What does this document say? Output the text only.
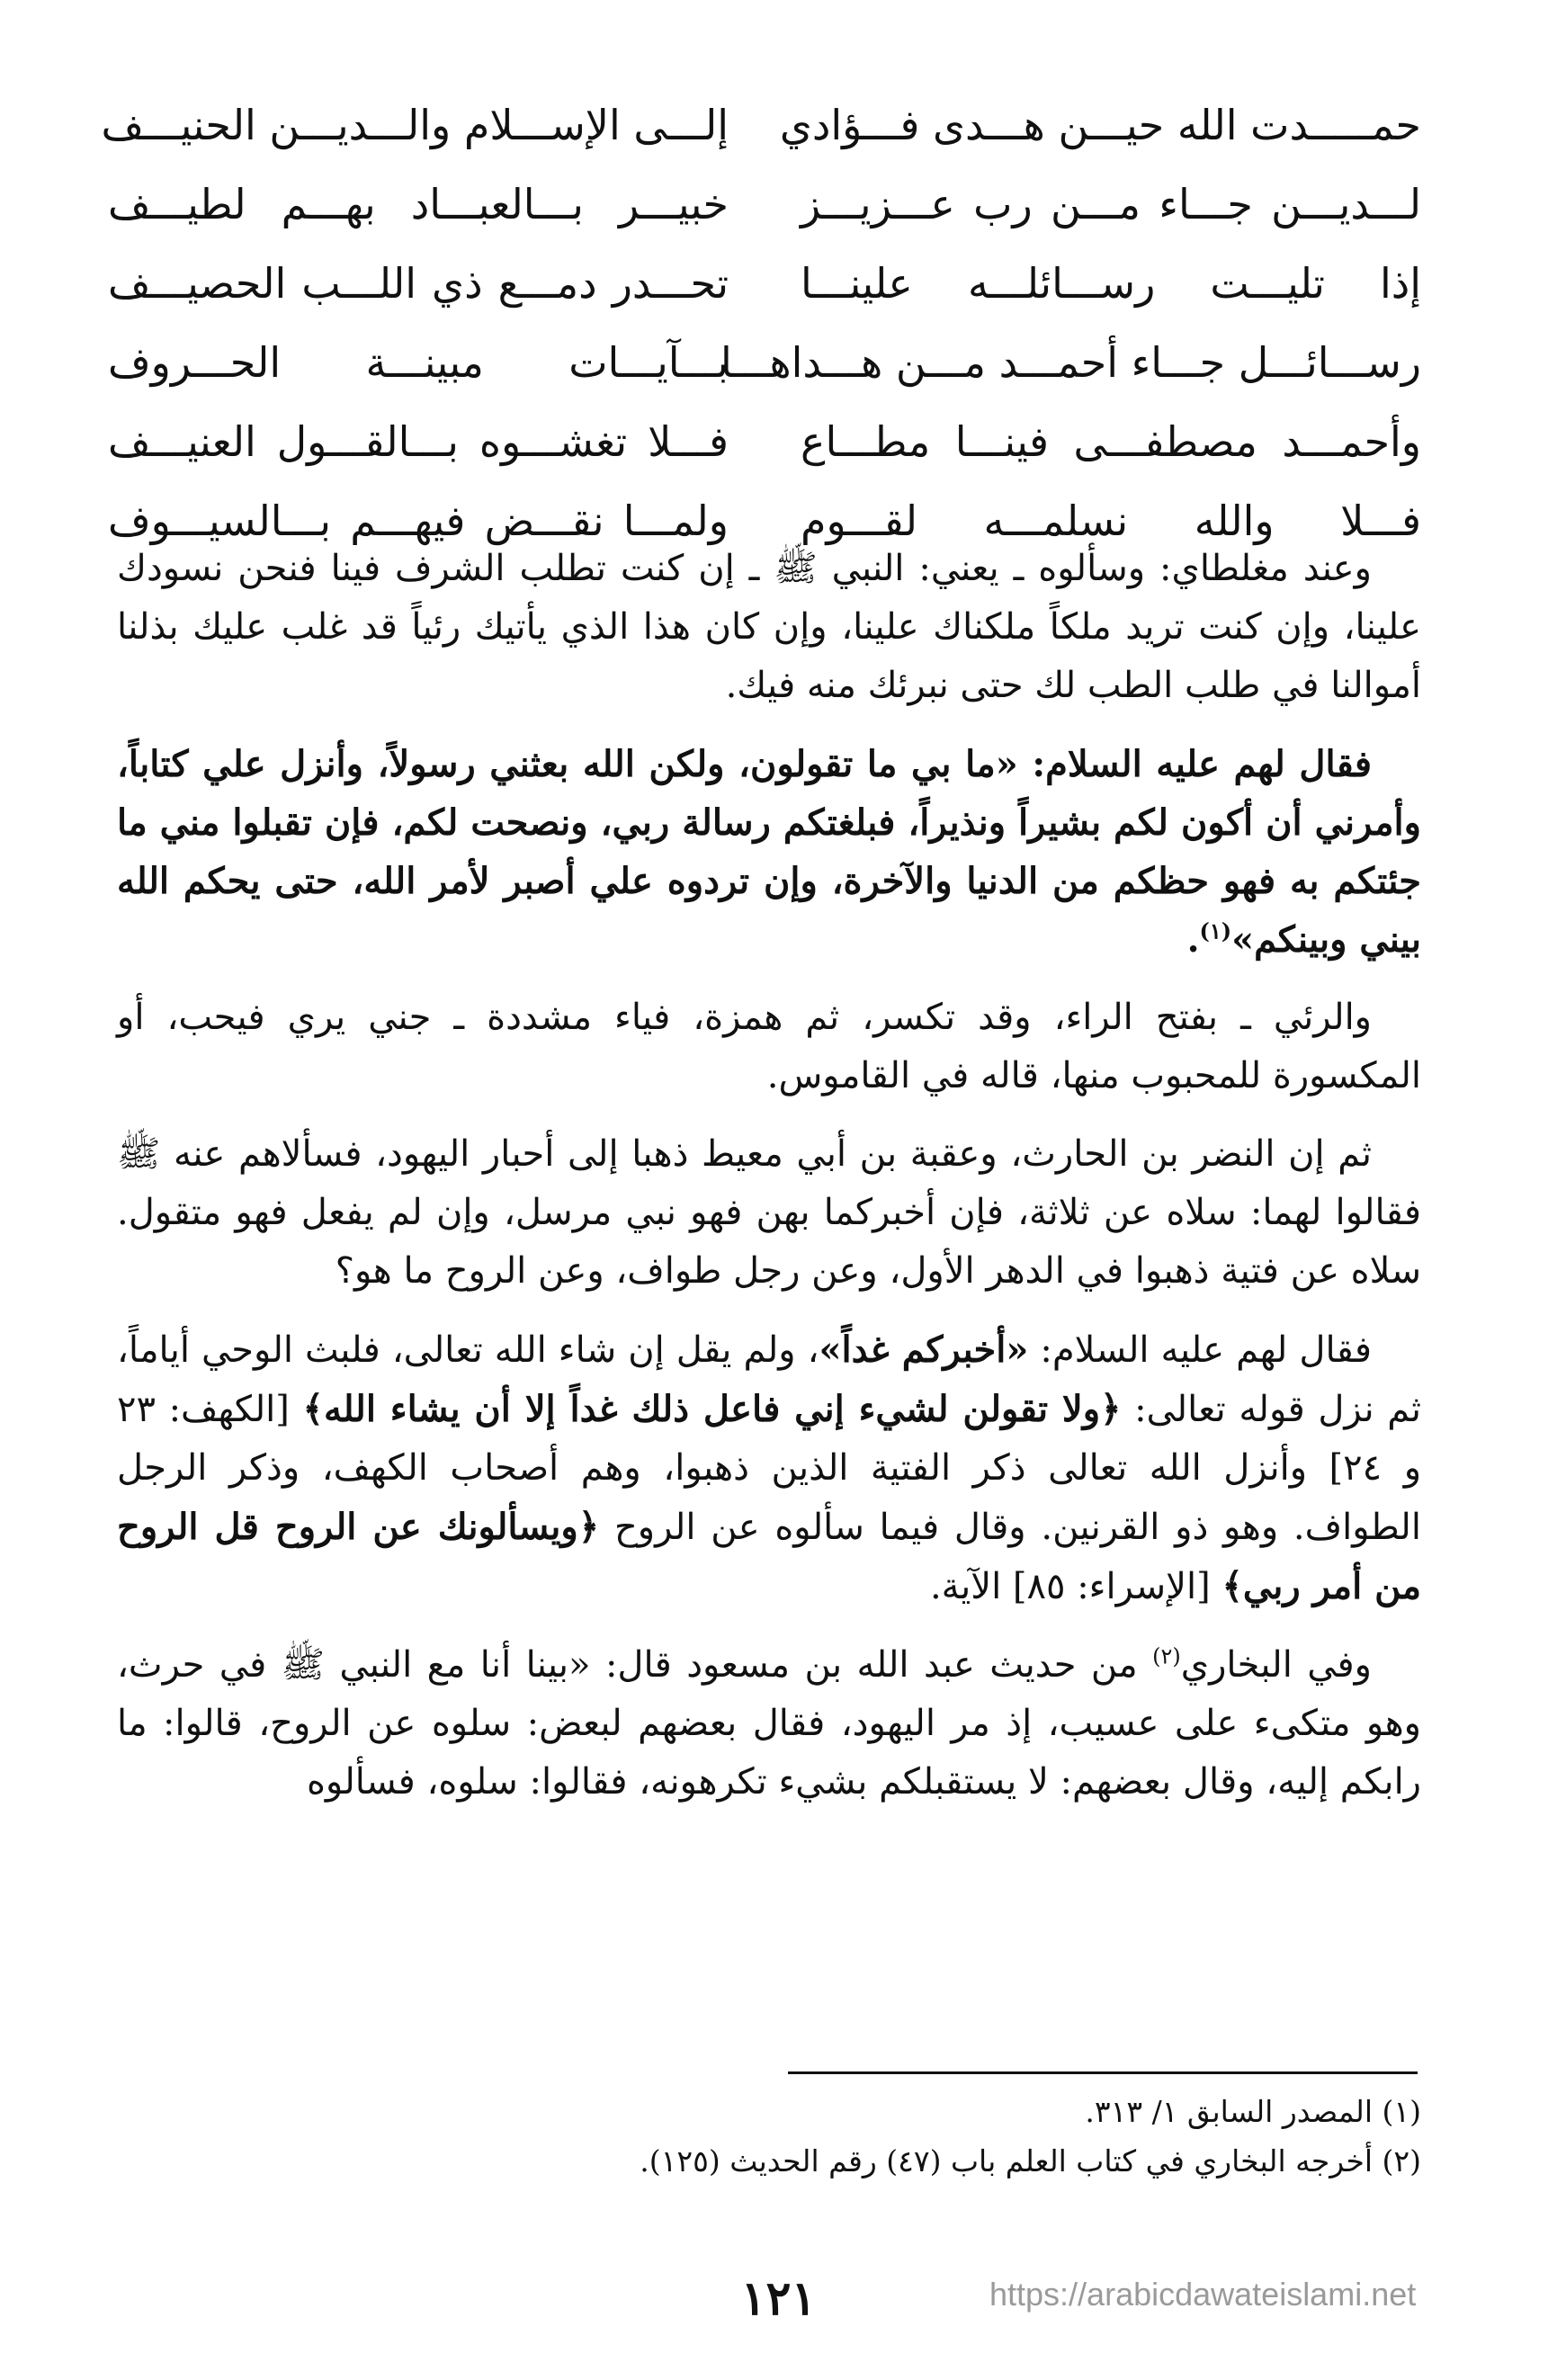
حمـــــدت الله حيـــن هـــدى فـــؤادي
إلـــى الإســـلام والـــديـــن الحنيـــف
لـــديـــن جـــاء مـــن رب عـــزيـــز
خبيـــر بـــالعبـــاد بهـــم لطيـــف
إذا تليـــت رســـائلـــه علينـــا
تحـــدر دمـــع ذي اللـــب الحصيـــف
رســـائـــل جـــاء أحمـــد مـــن هـــداهـــا
بـــآيـــات مبينـــة الحـــروف
وأحمـــد مصطفـــى فينـــا مطـــاع
فـــلا تغشـــوه بـــالقـــول العنيـــف
فـــلا والله نسلمـــه لقـــوم
ولمـــا نقـــض فيهـــم بـــالسيـــوف

وعند مغلطاي: وسألوه ـ يعني: النبي ﷺ ـ إن كنت تطلب الشرف فينا فنحن نسودك علينا، وإن كنت تريد ملكاً ملكناك علينا، وإن كان هذا الذي يأتيك رئياً قد غلب عليك بذلنا أموالنا في طلب الطب لك حتى نبرئك منه فيك.

فقال لهم عليه السلام: «ما بي ما تقولون، ولكن الله بعثني رسولاً، وأنزل علي كتاباً، وأمرني أن أكون لكم بشيراً ونذيراً، فبلغتكم رسالة ربي، ونصحت لكم، فإن تقبلوا مني ما جئتكم به فهو حظكم من الدنيا والآخرة، وإن تردوه علي أصبر لأمر الله، حتى يحكم الله بيني وبينكم»$^{(١)}$.

والرئي ـ بفتح الراء، وقد تكسر، ثم همزة، فياء مشددة ـ جني يري فيحب، أو المكسورة للمحبوب منها، قاله في القاموس.

ثم إن النضر بن الحارث، وعقبة بن أبي معيط ذهبا إلى أحبار اليهود، فسألاهم عنه ﷺ فقالوا لهما: سلاه عن ثلاثة، فإن أخبركما بهن فهو نبي مرسل، وإن لم يفعل فهو متقول. سلاه عن فتية ذهبوا في الدهر الأول، وعن رجل طواف، وعن الروح ما هو؟

فقال لهم عليه السلام: «أخبركم غداً»، ولم يقل إن شاء الله تعالى، فلبث الوحي أياماً، ثم نزل قوله تعالى: ﴿ولا تقولن لشيء إني فاعل ذلك غداً إلا أن يشاء الله﴾ [الكهف: ٢٣ و ٢٤] وأنزل الله تعالى ذكر الفتية الذين ذهبوا، وهم أصحاب الكهف، وذكر الرجل الطواف. وهو ذو القرنين. وقال فيما سألوه عن الروح ﴿ويسألونك عن الروح قل الروح من أمر ربي﴾ [الإسراء: ٨٥] الآية.

وفي البخاري$^{(٢)}$ من حديث عبد الله بن مسعود قال: «بينا أنا مع النبي ﷺ في حرث، وهو متكىء على عسيب، إذ مر اليهود، فقال بعضهم لبعض: سلوه عن الروح، قالوا: ما رابكم إليه، وقال بعضهم: لا يستقبلكم بشيء تكرهونه، فقالوا: سلوه، فسألوه

(١) المصدر السابق ١/ ٣١٣.

(٢) أخرجه البخاري في كتاب العلم باب (٤٧) رقم الحديث (١٢٥).

١٢١	https://arabicdawateislami.net
